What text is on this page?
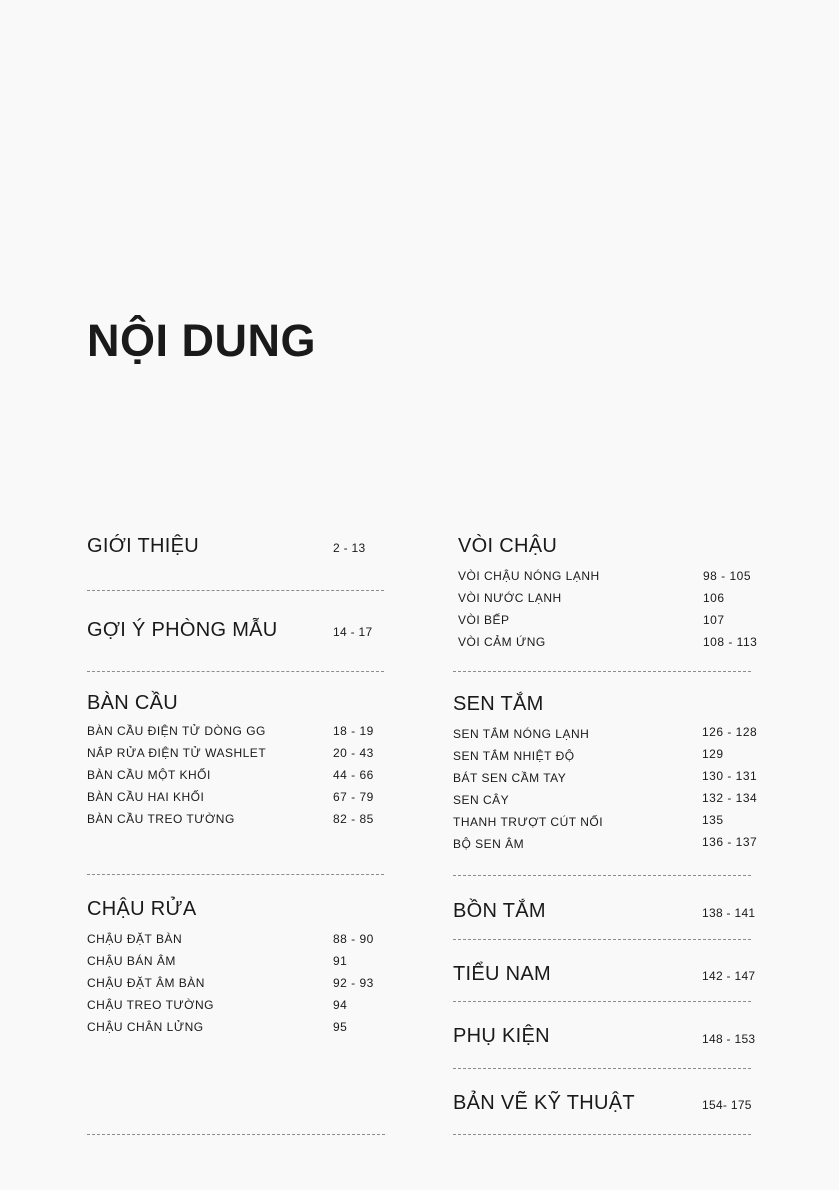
NỘI DUNG
GIỚI THIỆU	2 - 13
GỢI Ý PHÒNG MẪU	14 - 17
BÀN CẦU
BÀN CẦU ĐIỆN TỬ DÒNG GG	18 - 19
NẮP RỬA ĐIỆN TỬ WASHLET	20 - 43
BÀN CẦU MỘT KHỐI	44 - 66
BÀN CẦU HAI KHỐI	67 - 79
BÀN CẦU TREO TƯỜNG	82 - 85
CHẬU RỬA
CHẬU ĐẶT BÀN	88 - 90
CHẬU BÁN ÂM	91
CHẬU ĐẶT ÂM BÀN	92 - 93
CHẬU TREO TƯỜNG	94
CHẬU CHÂN LỬNG	95
VÒI CHẬU
VÒI CHẬU NÓNG LẠNH	98 - 105
VÒI NƯỚC LẠNH	106
VÒI BẾP	107
VÒI CẢM ỨNG	108 - 113
SEN TẮM
SEN TẮM NÓNG LẠNH	126 - 128
SEN TẮM NHIỆT ĐỘ	129
BÁT SEN CẦM TAY	130 - 131
SEN CÂY	132 - 134
THANH TRƯỢT CÚT NỐI	135
BỘ SEN ÂM	136 - 137
BỒN TẮM	138 - 141
TIỂU NAM	142 - 147
PHỤ KIỆN	148 - 153
BẢN VẼ KỸ THUẬT	154- 175
